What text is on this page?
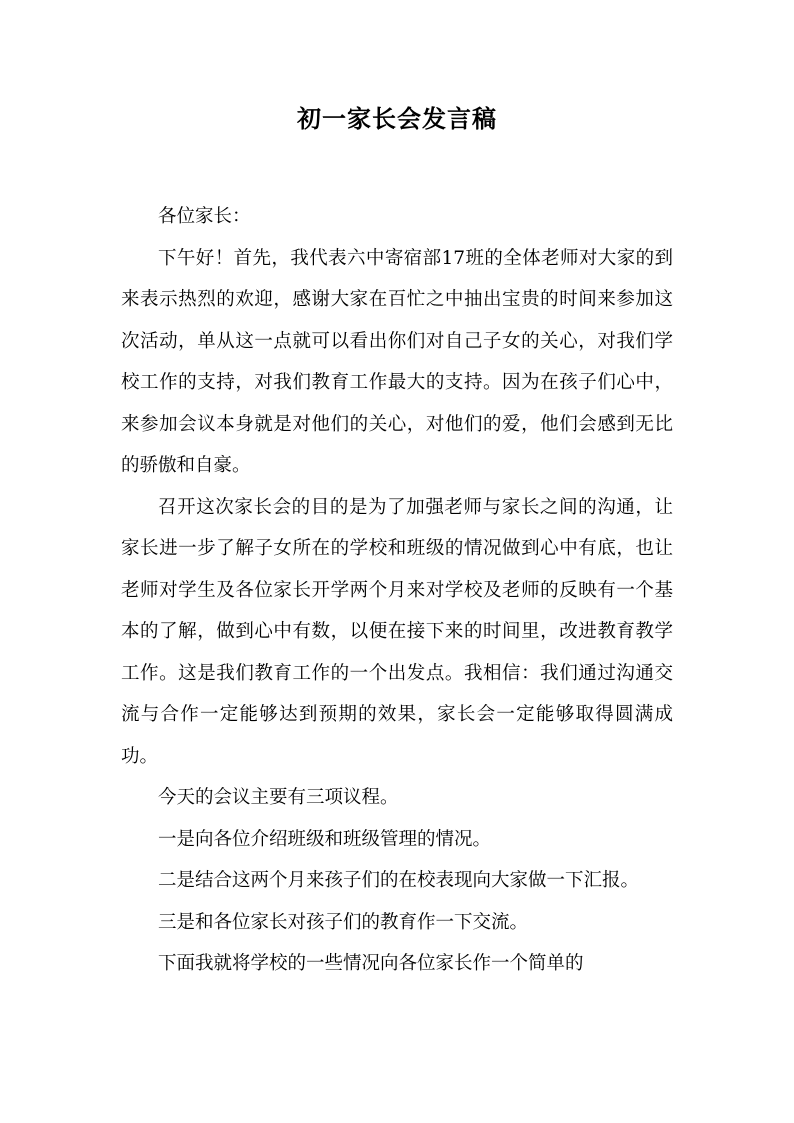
初一家长会发言稿

各位家长：

下午好！首先，我代表六中寄宿部17班的全体老师对大家的到来表示热烈的欢迎，感谢大家在百忙之中抽出宝贵的时间来参加这次活动，单从这一点就可以看出你们对自己子女的关心，对我们学校工作的支持，对我们教育工作最大的支持。因为在孩子们心中，来参加会议本身就是对他们的关心，对他们的爱，他们会感到无比的骄傲和自豪。

召开这次家长会的目的是为了加强老师与家长之间的沟通，让家长进一步了解子女所在的学校和班级的情况做到心中有底，也让老师对学生及各位家长开学两个月来对学校及老师的反映有一个基本的了解，做到心中有数，以便在接下来的时间里，改进教育教学工作。这是我们教育工作的一个出发点。我相信：我们通过沟通交流与合作一定能够达到预期的效果，家长会一定能够取得圆满成功。

今天的会议主要有三项议程。

一是向各位介绍班级和班级管理的情况。

二是结合这两个月来孩子们的在校表现向大家做一下汇报。

三是和各位家长对孩子们的教育作一下交流。

下面我就将学校的一些情况向各位家长作一个简单的
